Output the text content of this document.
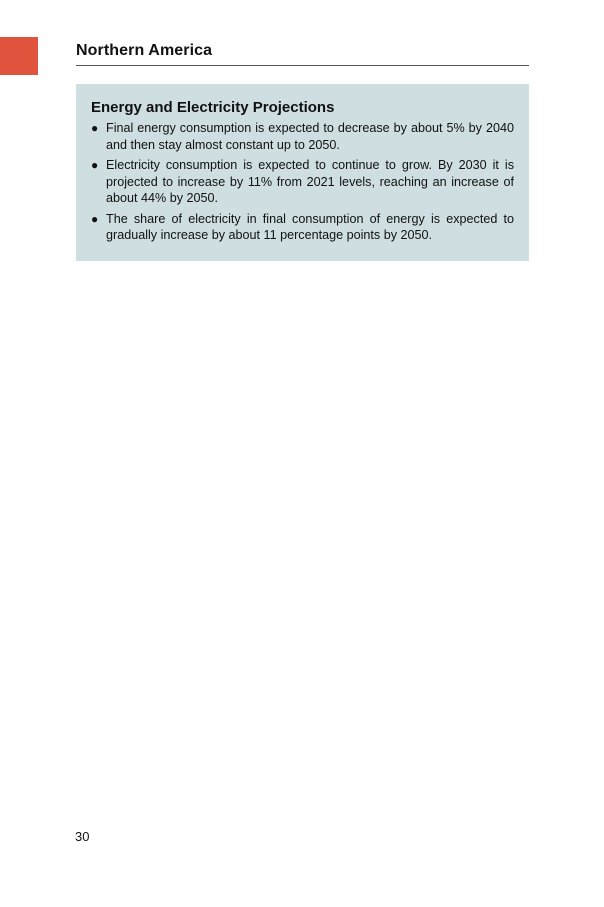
Northern America
Energy and Electricity Projections
● Final energy consumption is expected to decrease by about 5% by 2040 and then stay almost constant up to 2050.
● Electricity consumption is expected to continue to grow. By 2030 it is projected to increase by 11% from 2021 levels, reaching an increase of about 44% by 2050.
● The share of electricity in final consumption of energy is expected to gradually increase by about 11 percentage points by 2050.
30
